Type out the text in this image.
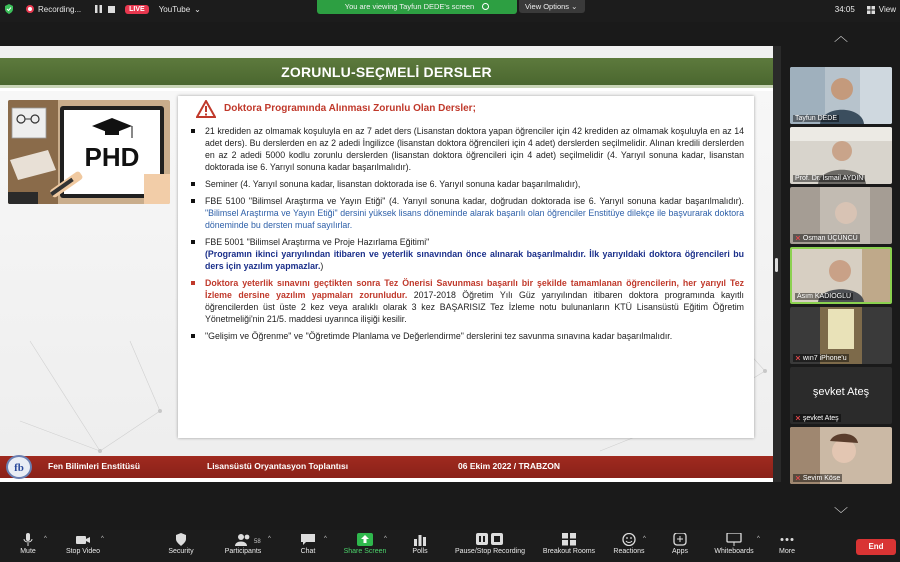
Recording...	LIVE	YouTube ⌄	You are viewing Tayfun DEDE's screen	View Options ⌄	34:05	View
ZORUNLU-SEÇMELİ DERSLER
PHD
Doktora Programında Alınması Zorunlu Olan Dersler;
21 krediden az olmamak koşuluyla en az 7 adet ders (Lisanstan doktora yapan öğrenciler için 42 krediden az olmamak koşuluyla en az 14 adet ders). Bu derslerden en az 2 adedi İngilizce (lisanstan doktora öğrencileri için 4 adet) derslerden seçilmelidir. Alınan kredili derslerden en az 2 adedi 5000 kodlu zorunlu derslerden (lisanstan doktora öğrencileri için 4 adet) seçilmelidir (4. Yarıyıl sonuna kadar, lisanstan doktorada ise 6. Yarıyıl sonuna kadar başarılmalıdır).
Seminer (4. Yarıyıl sonuna kadar, lisanstan doktorada ise 6. Yarıyıl sonuna kadar başarılmalıdır),
FBE 5100 "Bilimsel Araştırma ve Yayın Etiği" (4. Yarıyıl sonuna kadar, doğrudan doktorada ise 6. Yarıyıl sonuna kadar başarılmalıdır). "Bilimsel Araştırma ve Yayın Etiği" dersini yüksek lisans döneminde alarak başarılı olan öğrenciler Enstitüye dilekçe ile başvurarak doktora döneminde bu dersten muaf sayılırlar.
FBE 5001 "Bilimsel Araştırma ve Proje Hazırlama Eğitimi"
(Programın ikinci yarıyılından itibaren ve yeterlik sınavından önce alınarak başarılmalıdır. İlk yarıyıldaki doktora öğrencileri bu ders için yazılım yapmazlar.)
Doktora yeterlik sınavını geçtikten sonra Tez Önerisi Savunması başarılı bir şekilde tamamlanan öğrencilerin, her yarıyıl Tez İzleme dersine yazılım yapmaları zorunludur. 2017-2018 Öğretim Yılı Güz yarıyılından itibaren doktora programında kayıtlı öğrencilerden üst üste 2 kez veya aralıklı olarak 3 kez BAŞARISIZ Tez İzleme notu bulunanların KTÜ Lisansüstü Eğitim Öğretim Yönetmeliği'nin 21/5. maddesi uyarınca ilişiği kesilir.
"Gelişim ve Öğrenme" ve "Öğretimde Planlama ve Değerlendirme" derslerini tez savunma sınavına kadar başarılmalıdır.
fb	Fen Bilimleri Enstitüsü	Lisansüstü Oryantasyon Toplantısı	06 Ekim 2022 / TRABZON
︿
Tayfun DEDE
Prof. Dr. İsmail AYDIN
⨯ Osman ÜÇÜNCÜ
Asım KADIOGLU
⨯ wın7 iPhone'u
şevket Ateş
⨯ şevket Ateş
⨯ Sevim Köse
﹀
Mute
^
Stop Video
^
Security	Participants
58 ^
Chat
^
Share Screen
^
Polls	Pause/Stop Recording	Breakout Rooms	Reactions
^
Apps	Whiteboards
^
More
End
